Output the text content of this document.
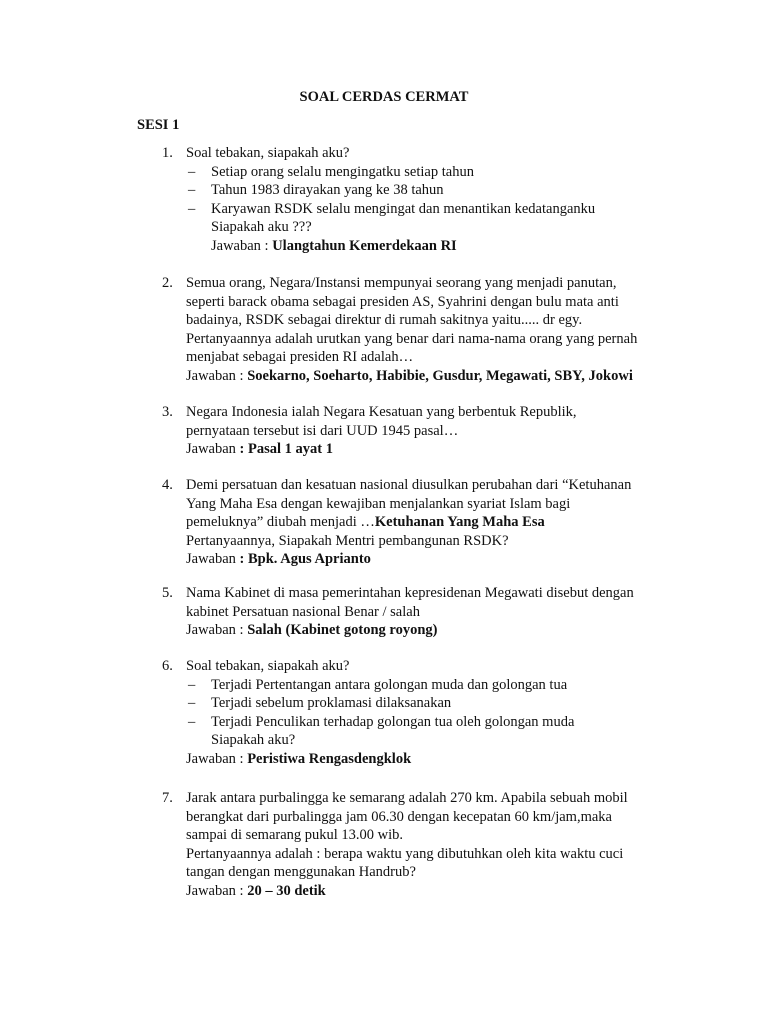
SOAL CERDAS CERMAT
SESI 1
1. Soal tebakan, siapakah aku?
– Setiap orang selalu mengingatku setiap tahun
– Tahun 1983 dirayakan yang ke 38 tahun
– Karyawan RSDK selalu mengingat dan menantikan kedatanganku
Siapakah aku ???
Jawaban : Ulangtahun Kemerdekaan RI
2. Semua orang, Negara/Instansi mempunyai seorang yang menjadi panutan,
seperti barack obama sebagai presiden AS, Syahrini dengan bulu mata anti
badainya, RSDK sebagai direktur di rumah sakitnya yaitu..... dr egy.
Pertanyaannya adalah urutkan yang benar dari nama-nama orang yang pernah
menjabat sebagai presiden RI adalah…
Jawaban : Soekarno, Soeharto, Habibie, Gusdur, Megawati, SBY, Jokowi
3. Negara Indonesia ialah Negara Kesatuan yang berbentuk Republik,
pernyataan tersebut isi dari UUD 1945 pasal…
Jawaban : Pasal 1 ayat 1
4. Demi persatuan dan kesatuan nasional diusulkan perubahan dari “Ketuhanan
Yang Maha Esa dengan kewajiban menjalankan syariat Islam bagi
pemeluknya” diubah menjadi …Ketuhanan Yang Maha Esa
Pertanyaannya, Siapakah Mentri pembangunan RSDK?
Jawaban : Bpk. Agus Aprianto
5. Nama Kabinet di masa pemerintahan kepresidenan Megawati disebut dengan
kabinet Persatuan nasional Benar / salah
Jawaban : Salah (Kabinet gotong royong)
6. Soal tebakan, siapakah aku?
– Terjadi Pertentangan antara golongan muda dan golongan tua
– Terjadi sebelum proklamasi dilaksanakan
– Terjadi Penculikan terhadap golongan tua oleh golongan muda
Siapakah aku?
Jawaban : Peristiwa Rengasdengklok
7. Jarak antara purbalingga ke semarang adalah 270 km. Apabila sebuah mobil
berangkat dari purbalingga jam 06.30 dengan kecepatan 60 km/jam,maka
sampai di semarang pukul 13.00 wib.
Pertanyaannya adalah : berapa waktu yang dibutuhkan oleh kita waktu cuci
tangan dengan menggunakan Handrub?
Jawaban : 20 – 30 detik
